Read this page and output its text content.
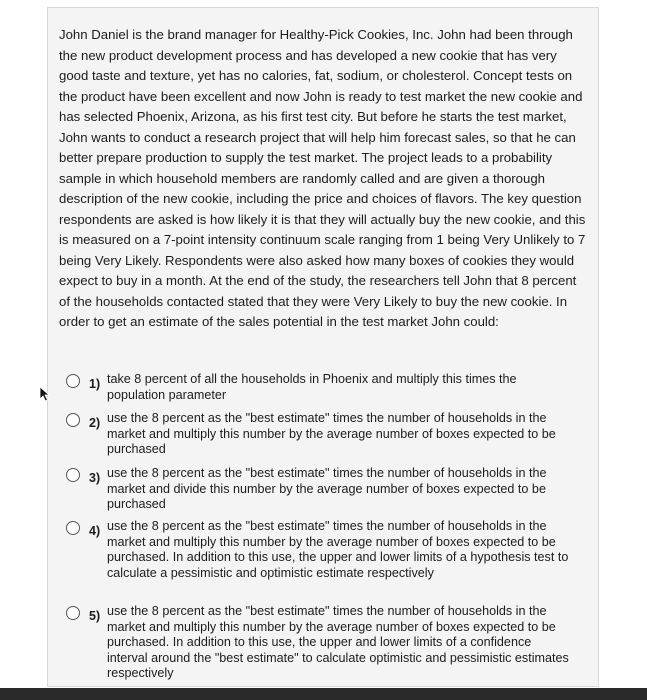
John Daniel is the brand manager for Healthy-Pick Cookies, Inc. John had been through the new product development process and has developed a new cookie that has very good taste and texture, yet has no calories, fat, sodium, or cholesterol. Concept tests on the product have been excellent and now John is ready to test market the new cookie and has selected Phoenix, Arizona, as his first test city. But before he starts the test market, John wants to conduct a research project that will help him forecast sales, so that he can better prepare production to supply the test market. The project leads to a probability sample in which household members are randomly called and are given a thorough description of the new cookie, including the price and choices of flavors. The key question respondents are asked is how likely it is that they will actually buy the new cookie, and this is measured on a 7-point intensity continuum scale ranging from 1 being Very Unlikely to 7 being Very Likely. Respondents were also asked how many boxes of cookies they would expect to buy in a month. At the end of the study, the researchers tell John that 8 percent of the households contacted stated that they were Very Likely to buy the new cookie. In order to get an estimate of the sales potential in the test market John could:

1) take 8 percent of all the households in Phoenix and multiply this times the population parameter
2) use the 8 percent as the "best estimate" times the number of households in the market and multiply this number by the average number of boxes expected to be purchased
3) use the 8 percent as the "best estimate" times the number of households in the market and divide this number by the average number of boxes expected to be purchased
4) use the 8 percent as the "best estimate" times the number of households in the market and multiply this number by the average number of boxes expected to be purchased. In addition to this use, the upper and lower limits of a hypothesis test to calculate a pessimistic and optimistic estimate respectively
5) use the 8 percent as the "best estimate" times the number of households in the market and multiply this number by the average number of boxes expected to be purchased. In addition to this use, the upper and lower limits of a confidence interval around the "best estimate" to calculate optimistic and pessimistic estimates respectively
